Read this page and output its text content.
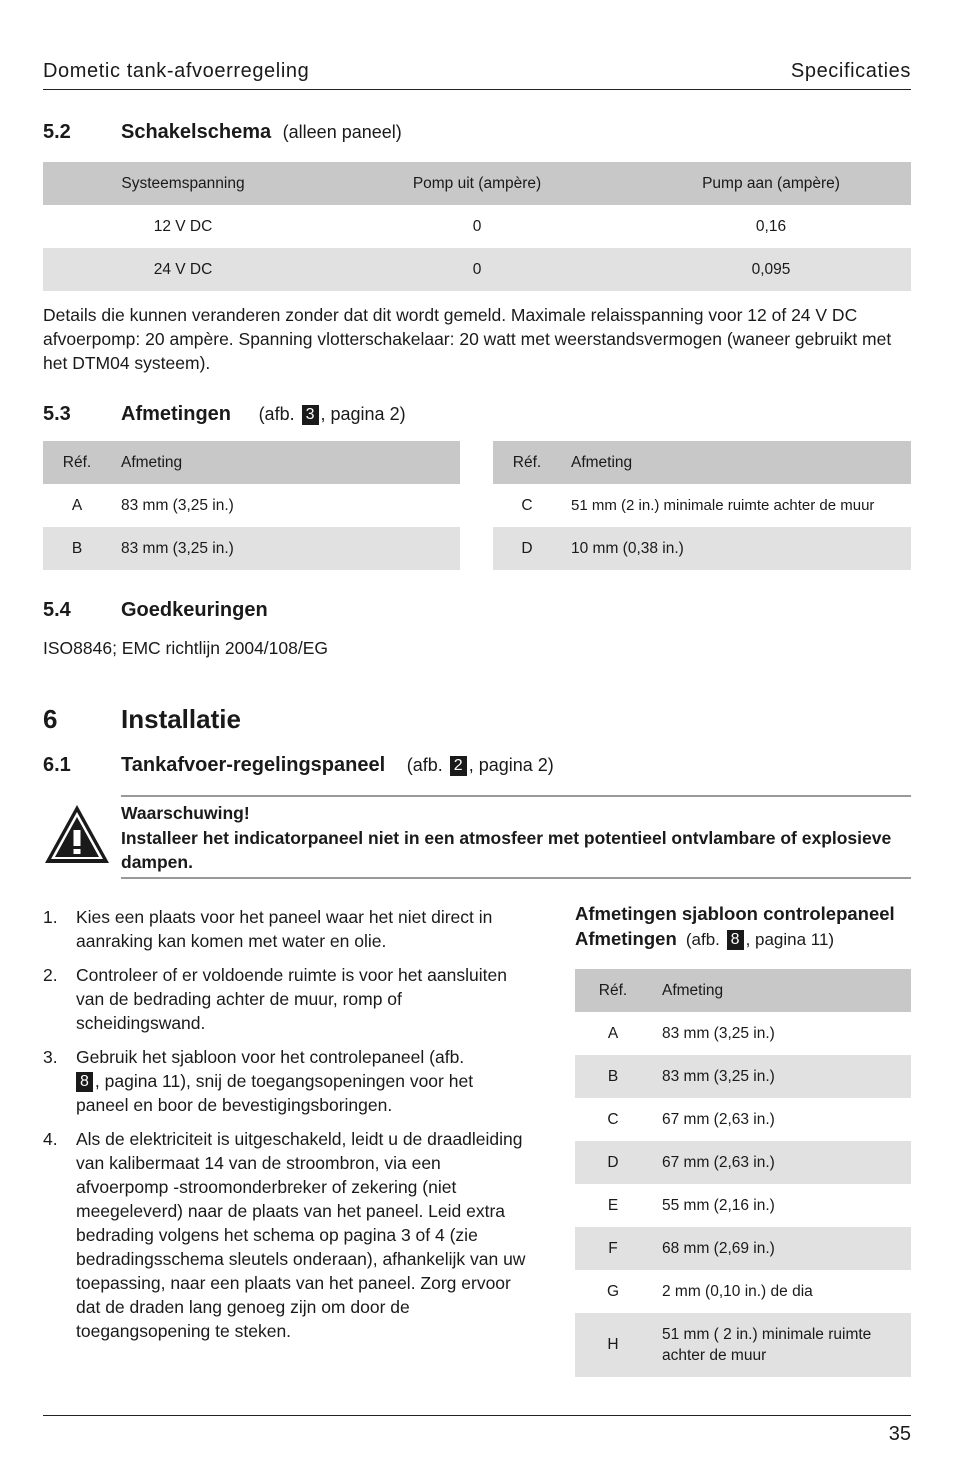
Dometic tank-afvoerregeling	Specificaties
5.2	Schakelschema (alleen paneel)
Systeemspanning	Pomp uit (ampère)	Pump aan (ampère)
12 V DC	0	0,16
24 V DC	0	0,095
Details die kunnen veranderen zonder dat dit wordt gemeld. Maximale relaisspanning voor 12 of 24 V DC afvoerpomp: 20 ampère. Spanning vlotterschakelaar: 20 watt met weerstandsvermogen (waneer gebruikt met het DTM04 systeem).
5.3	Afmetingen (afb. 3 , pagina 2)
Réf.	Afmeting
A	83 mm (3,25 in.)
B	83 mm (3,25 in.)
Réf.	Afmeting
C	51 mm (2 in.) minimale ruimte achter de muur
D	10 mm (0,38 in.)
5.4	Goedkeuringen
ISO8846; EMC richtlijn 2004/108/EG
6 Installatie
6.1	Tankafvoer-regelingspaneel (afb. 2 , pagina 2)
Waarschuwing!
Installeer het indicatorpaneel niet in een atmosfeer met potentieel ontvlambare of explosieve dampen.
1. Kies een plaats voor het paneel waar het niet direct in aanraking kan komen met water en olie.
2. Controleer of er voldoende ruimte is voor het aansluiten van de bedrading achter de muur, romp of scheidingswand.
3. Gebruik het sjabloon voor het controlepaneel (afb.
8 , pagina 11), snij de toegangsopeningen voor het paneel en boor de bevestigingsboringen.
4. Als de elektriciteit is uitgeschakeld, leidt u de draadleiding van kalibermaat 14 van de stroombron, via een afvoerpomp -stroomonderbreker of zekering (niet meegeleverd) naar de plaats van het paneel. Leid extra bedrading volgens het schema op pagina 3 of 4 (zie bedradingsschema sleutels onderaan), afhankelijk van uw toepassing, naar een plaats van het paneel. Zorg ervoor dat de draden lang genoeg zijn om door de toegangsopening te steken.
Afmetingen sjabloon controlepaneel Afmetingen (afb. 8 , pagina 11)
Réf.	Afmeting
A	83 mm (3,25 in.)
B	83 mm (3,25 in.)
C	67 mm (2,63 in.)
D	67 mm (2,63 in.)
E	55 mm (2,16 in.)
F	68 mm (2,69 in.)
G	2 mm (0,10 in.) de dia
H	51 mm ( 2 in.) minimale ruimte achter de muur
35
